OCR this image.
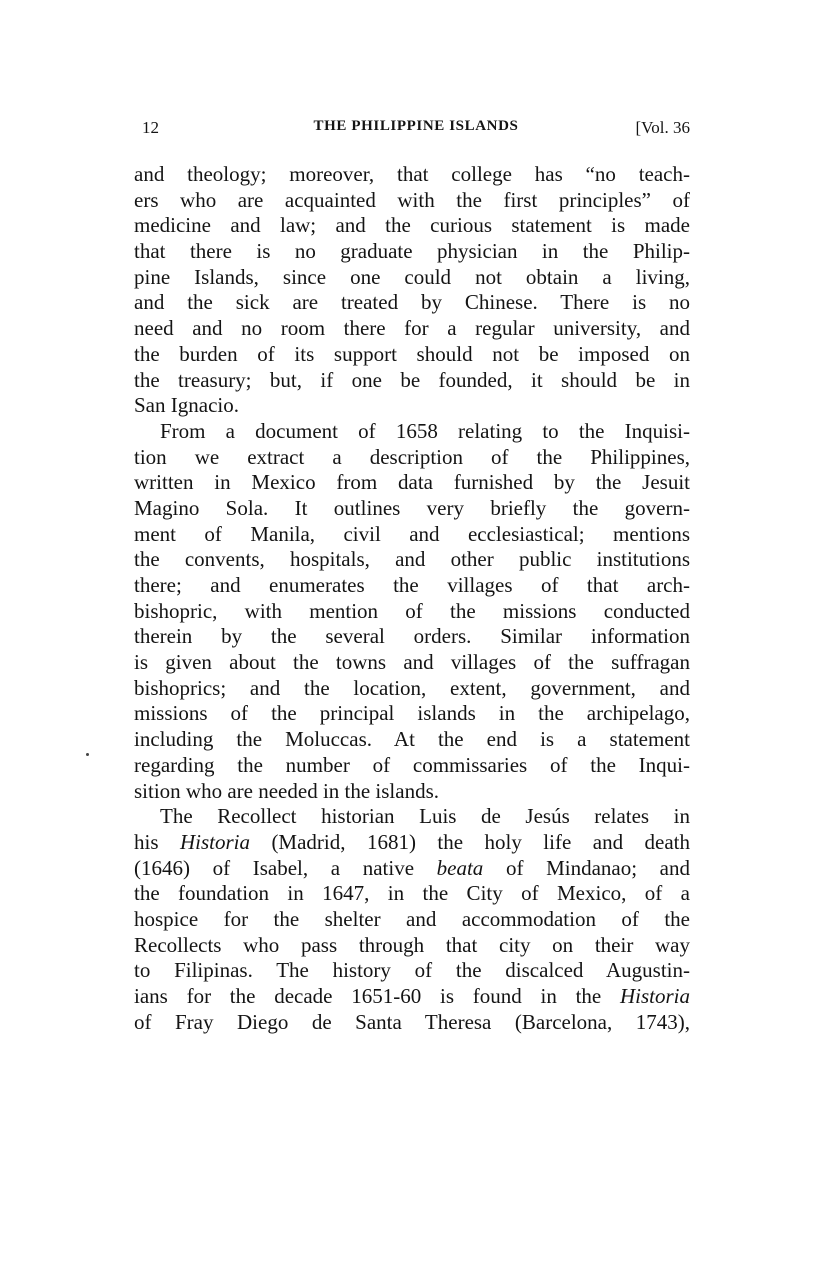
12	THE PHILIPPINE ISLANDS	[Vol. 36
and theology; moreover, that college has “no teach-
ers who are acquainted with the first principles” of
medicine and law; and the curious statement is made
that there is no graduate physician in the Philip-
pine Islands, since one could not obtain a living,
and the sick are treated by Chinese. There is no
need and no room there for a regular university, and
the burden of its support should not be imposed on
the treasury; but, if one be founded, it should be in
San Ignacio.
From a document of 1658 relating to the Inquisi-
tion we extract a description of the Philippines,
written in Mexico from data furnished by the Jesuit
Magino Sola. It outlines very briefly the govern-
ment of Manila, civil and ecclesiastical; mentions
the convents, hospitals, and other public institutions
there; and enumerates the villages of that arch-
bishopric, with mention of the missions conducted
therein by the several orders. Similar information
is given about the towns and villages of the suffragan
bishoprics; and the location, extent, government, and
missions of the principal islands in the archipelago,
including the Moluccas. At the end is a statement
regarding the number of commissaries of the Inqui-
sition who are needed in the islands.
The Recollect historian Luis de Jesús relates in
his Historia (Madrid, 1681) the holy life and death
(1646) of Isabel, a native beata of Mindanao; and
the foundation in 1647, in the City of Mexico, of a
hospice for the shelter and accommodation of the
Recollects who pass through that city on their way
to Filipinas. The history of the discalced Augustin-
ians for the decade 1651-60 is found in the Historia
of Fray Diego de Santa Theresa (Barcelona, 1743),
